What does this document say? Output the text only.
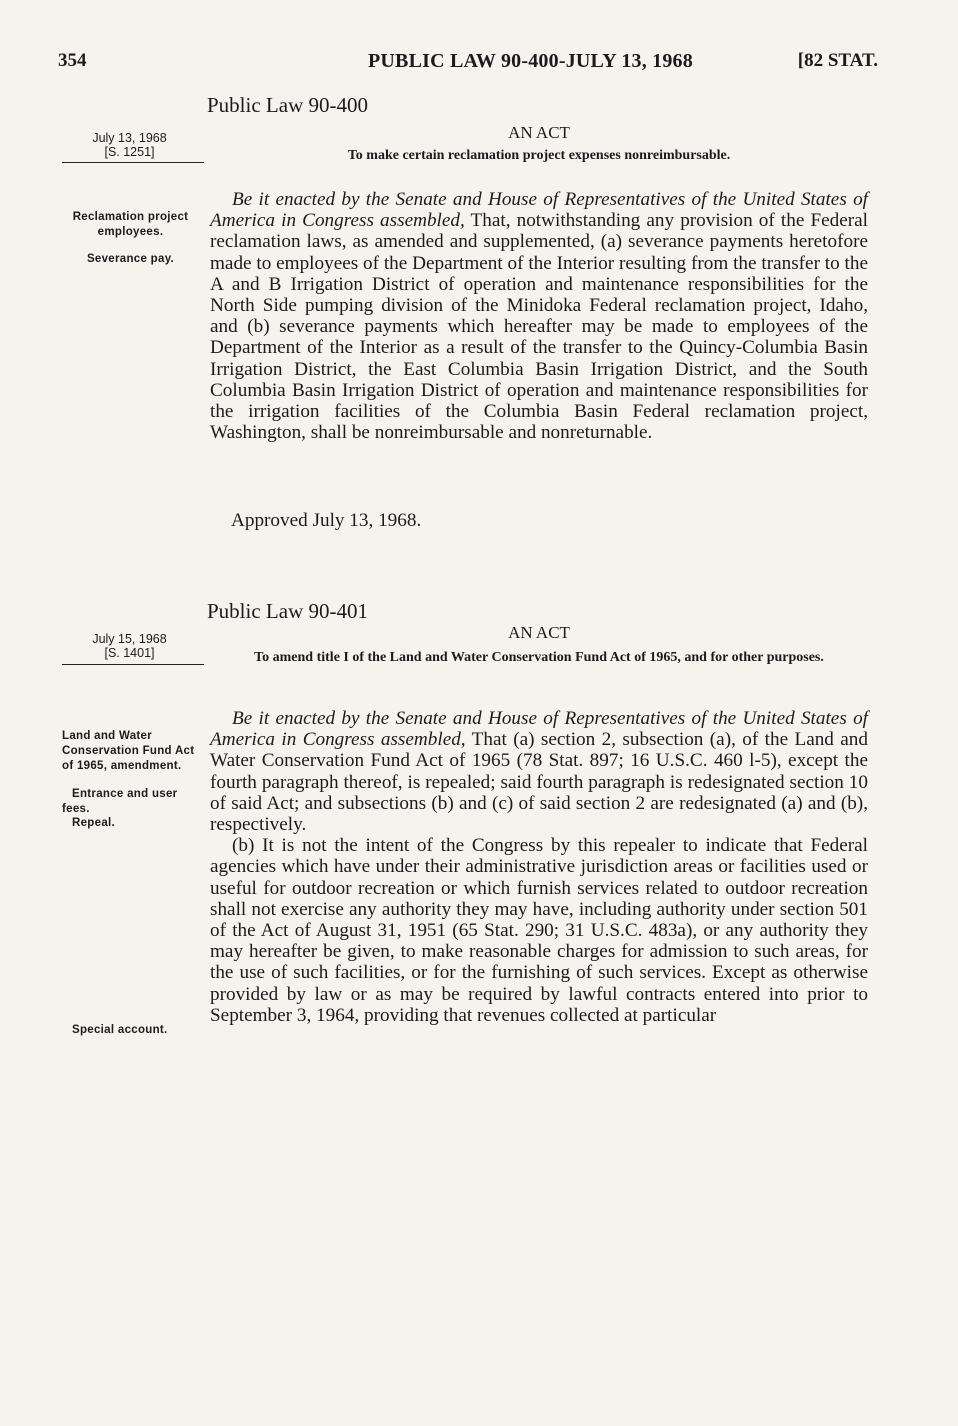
354	PUBLIC LAW 90-400-JULY 13, 1968	[82 STAT.
Public Law 90-400
July 13, 1968
[S. 1251]
AN ACT
To make certain reclamation project expenses nonreimbursable.
Reclamation project employees.
Severance pay.

Be it enacted by the Senate and House of Representatives of the United States of America in Congress assembled, That, notwithstanding any provision of the Federal reclamation laws, as amended and supplemented, (a) severance payments heretofore made to employees of the Department of the Interior resulting from the transfer to the A and B Irrigation District of operation and maintenance responsibilities for the North Side pumping division of the Minidoka Federal reclamation project, Idaho, and (b) severance payments which hereafter may be made to employees of the Department of the Interior as a result of the transfer to the Quincy-Columbia Basin Irrigation District, the East Columbia Basin Irrigation District, and the South Columbia Basin Irrigation District of operation and maintenance responsibilities for the irrigation facilities of the Columbia Basin Federal reclamation project, Washington, shall be nonreimbursable and nonreturnable.

Approved July 13, 1968.
Public Law 90-401
AN ACT
July 15, 1968
[S. 1401]	To amend title I of the Land and Water Conservation Fund Act of 1965, and for other purposes.
Land and Water Conservation Fund Act of 1965, amendment.
Entrance and user fees.
Repeal.
Special account.

Be it enacted by the Senate and House of Representatives of the United States of America in Congress assembled, That (a) section 2, subsection (a), of the Land and Water Conservation Fund Act of 1965 (78 Stat. 897; 16 U.S.C. 460 l-5), except the fourth paragraph thereof, is repealed; said fourth paragraph is redesignated section 10 of said Act; and subsections (b) and (c) of said section 2 are redesignated (a) and (b), respectively.

(b) It is not the intent of the Congress by this repealer to indicate that Federal agencies which have under their administrative jurisdiction areas or facilities used or useful for outdoor recreation or which furnish services related to outdoor recreation shall not exercise any authority they may have, including authority under section 501 of the Act of August 31, 1951 (65 Stat. 290; 31 U.S.C. 483a), or any authority they may hereafter be given, to make reasonable charges for admission to such areas, for the use of such facilities, or for the furnishing of such services. Except as otherwise provided by law or as may be required by lawful contracts entered into prior to September 3, 1964, providing that revenues collected at particular
